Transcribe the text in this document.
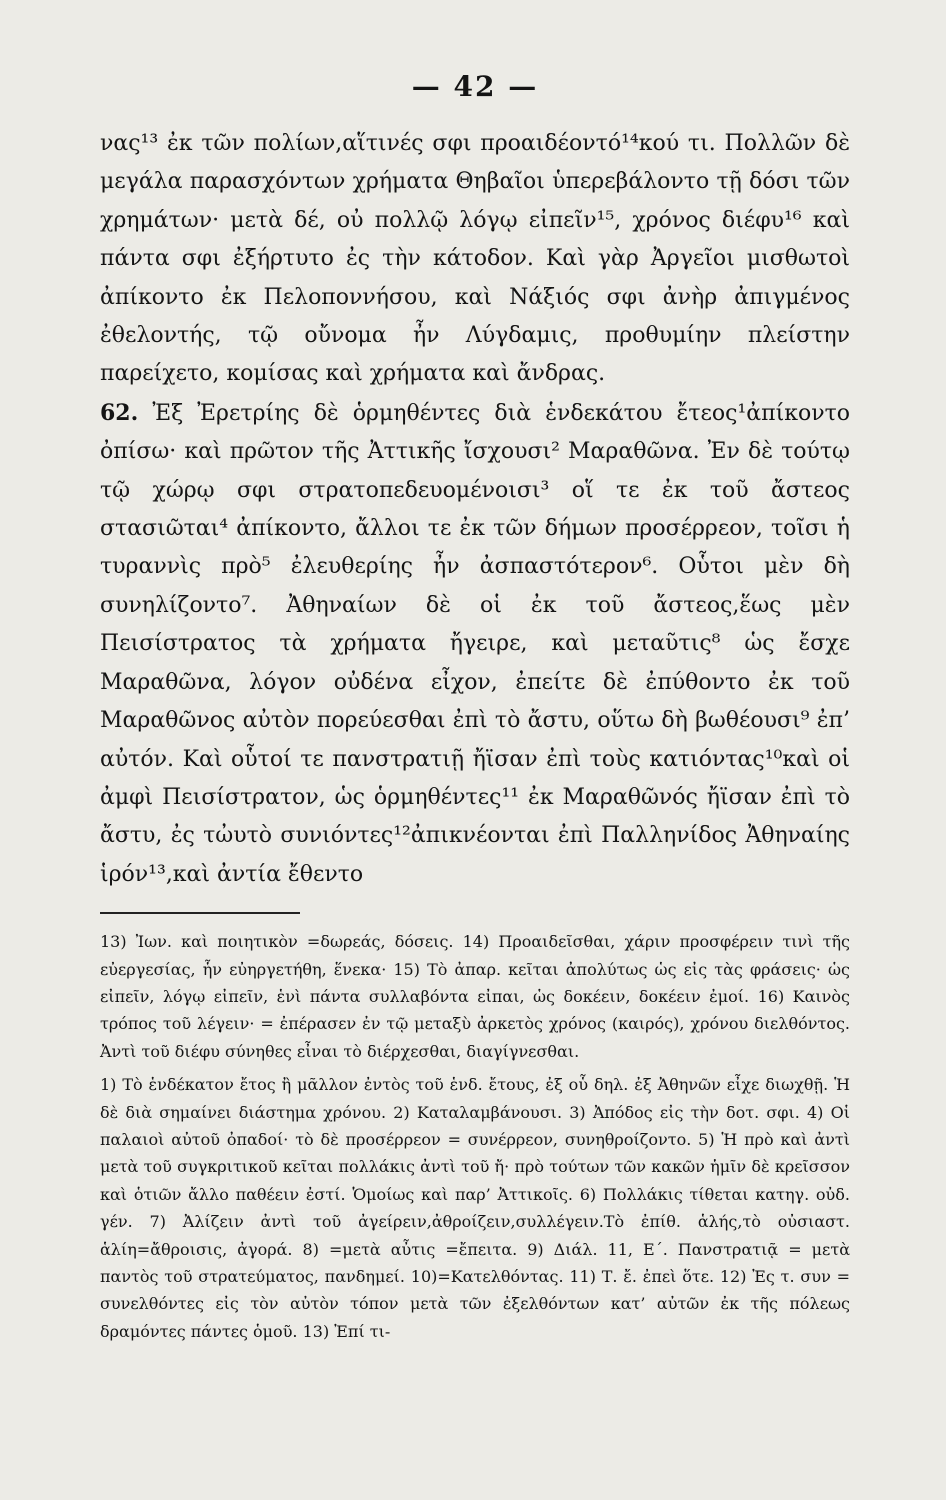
— 42 —

νας¹³ ἐκ τῶν πολίων,αἵτινές σφι προαιδέοντό¹⁴κού τι. Πολλῶν δὲ μεγάλα παρασχόντων χρήματα Θηβαῖοι ὑπερεβάλοντο τῇ δόσι τῶν χρημάτων· μετὰ δέ, οὐ πολλῷ λόγῳ εἰπεῖν¹⁵, χρόνος διέφυ¹⁶ καὶ πάντα σφι ἐξήρτυτο ἐς τὴν κάτοδον. Καὶ γὰρ Ἀργεῖοι μισθωτοὶ ἀπίκοντο ἐκ Πελοποννήσου, καὶ Νάξιός σφι ἀνὴρ ἀπιγμένος ἐθελοντής, τῷ οὔνομα ἦν Λύγδαμις, προθυμίην πλείστην παρείχετο, κομίσας καὶ χρήματα καὶ ἄνδρας.

62. Ἐξ Ἐρετρίης δὲ ὁρμηθέντες διὰ ἑνδεκάτου ἔτεος¹ἀπίκοντο ὀπίσω· καὶ πρῶτον τῆς Ἀττικῆς ἴσχουσι² Μαραθῶνα. Ἐν δὲ τούτῳ τῷ χώρῳ σφι στρατοπεδευομένοισι³ οἵ τε ἐκ τοῦ ἄστεος στασιῶται⁴ ἀπίκοντο, ἄλλοι τε ἐκ τῶν δήμων προσέρρεον, τοῖσι ἡ τυραννὶς πρὸ⁵ ἐλευθερίης ἦν ἀσπαστότερον⁶. Οὗτοι μὲν δὴ συνηλίζοντο⁷. Ἀθηναίων δὲ οἱ ἐκ τοῦ ἄστεος,ἕως μὲν Πεισίστρατος τὰ χρήματα ἤγειρε, καὶ μεταῦτις⁸ ὡς ἔσχε Μαραθῶνα, λόγον οὐδένα εἶχον, ἐπείτε δὲ ἐπύθοντο ἐκ τοῦ Μαραθῶνος αὐτὸν πορεύεσθαι ἐπὶ τὸ ἄστυ, οὕτω δὴ βωθέουσι⁹ ἐπ’ αὐτόν. Καὶ οὗτοί τε πανστρατιῇ ἤϊσαν ἐπὶ τοὺς κατιόντας¹⁰καὶ οἱ ἀμφὶ Πεισίστρατον, ὡς ὁρμηθέντες¹¹ ἐκ Μαραθῶνός ἤϊσαν ἐπὶ τὸ ἄστυ, ἐς τὠυτὸ συνιόντες¹²ἀπικνέονται ἐπὶ Παλληνίδος Ἀθηναίης ἱρόν¹³,καὶ ἀντία ἔθεντο

13) Ἰων. καὶ ποιητικὸν =δωρεάς, δόσεις. 14) Προαιδεῖσθαι, χάριν προσφέρειν τινὶ τῆς εὐεργεσίας, ἧν εὐηργετήθη, ἕνεκα· 15) Τὸ ἀπαρ. κεῖται ἀπολύτως ὡς εἰς τὰς φράσεις· ὡς εἰπεῖν, λόγῳ εἰπεῖν, ἑνὶ πάντα συλλαβόντα εἰπαι, ὡς δοκέειν, δοκέειν ἐμοί. 16) Καινὸς τρόπος τοῦ λέγειν· = ἐπέρασεν ἐν τῷ μεταξὺ ἀρκετὸς χρόνος (καιρός), χρόνου διελθόντος. Ἀντὶ τοῦ διέφυ σύνηθες εἶναι τὸ διέρχεσθαι, διαγίγνεσθαι.

1) Τὸ ἑνδέκατον ἔτος ἢ μᾶλλον ἐντὸς τοῦ ἑνδ. ἔτους, ἐξ οὗ δηλ. ἐξ Ἀθηνῶν εἶχε διωχθῇ. Ἡ δὲ διὰ σημαίνει διάστημα χρόνου. 2) Καταλαμβάνουσι. 3) Ἀπόδος εἰς τὴν δοτ. σφι. 4) Οἱ παλαιοὶ αὐτοῦ ὀπαδοί· τὸ δὲ προσέρρεον = συνέρρεον, συνηθροίζοντο. 5) Ἡ πρὸ καὶ ἀντὶ μετὰ τοῦ συγκριτικοῦ κεῖται πολλάκις ἀντὶ τοῦ ἤ· πρὸ τούτων τῶν κακῶν ἡμῖν δὲ κρεῖσσον καὶ ὁτιῶν ἄλλο παθέειν ἐστί. Ὁμοίως καὶ παρ’ Ἀττικοῖς. 6) Πολλάκις τίθεται κατηγ. οὐδ. γέν. 7) Ἀλίζειν ἀντὶ τοῦ ἀγείρειν,ἀθροίζειν,συλλέγειν.Τὸ ἐπίθ. ἁλής,τὸ οὐσιαστ. ἁλίη=ἄθροισις, ἀγορά. 8) =μετὰ αὖτις =ἔπειτα. 9) Διάλ. 11, Ε΄. Πανστρατιᾷ = μετὰ παντὸς τοῦ στρατεύματος, πανδημεί. 10)=Κατελθόντας. 11) Τ. ἔ. ἐπεὶ ὅτε. 12) Ἐς τ. συν = συνελθόντες εἰς τὸν αὐτὸν τόπον μετὰ τῶν ἐξελθόντων κατ’ αὐτῶν ἐκ τῆς πόλεως δραμόντες πάντες ὁμοῦ. 13) Ἐπί τι-
